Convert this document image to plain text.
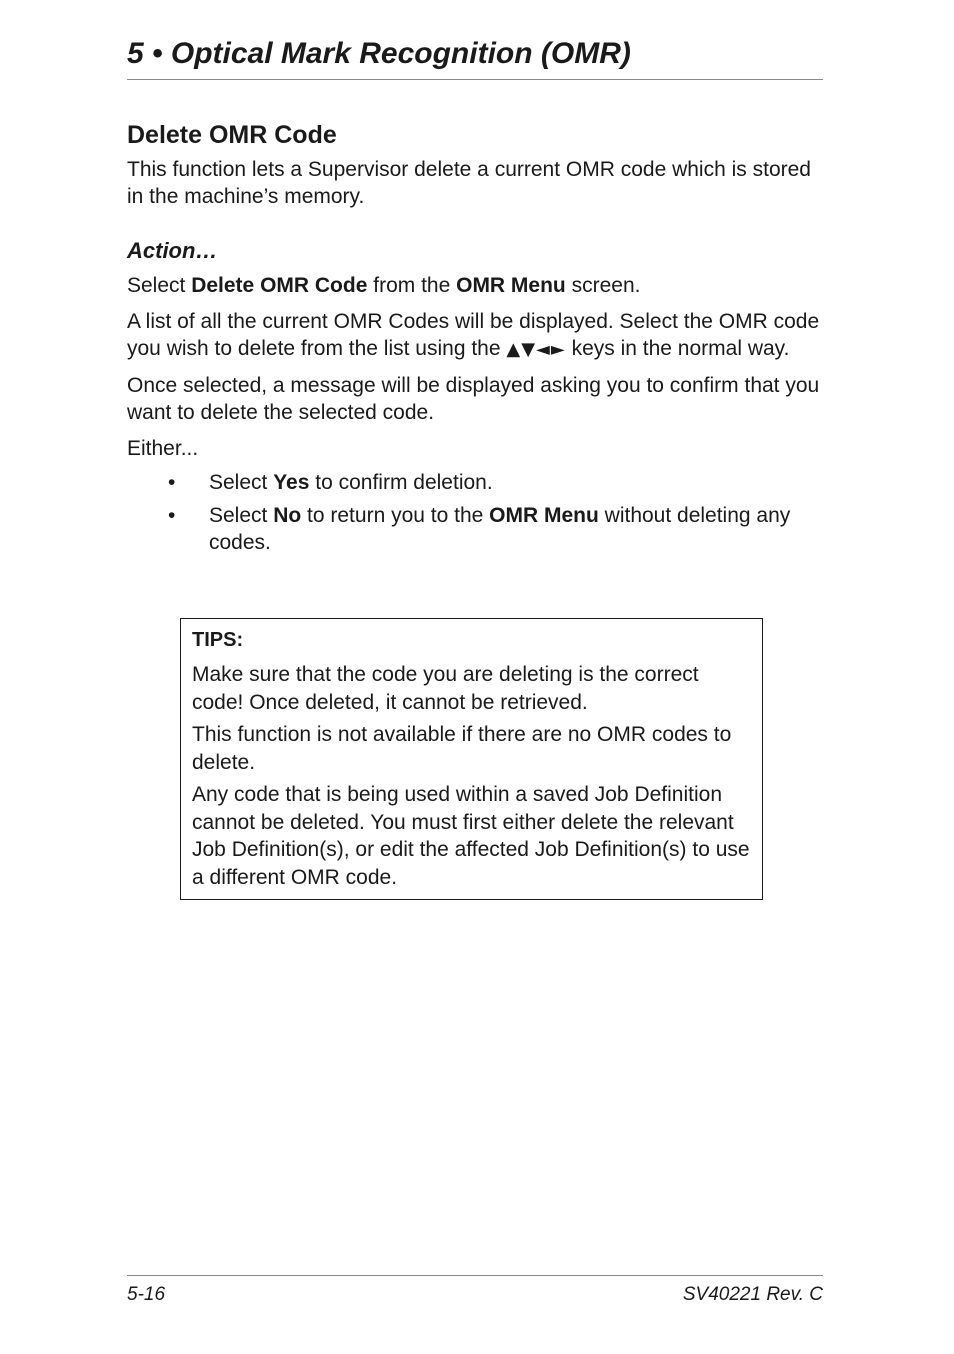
5 • Optical Mark Recognition (OMR)
Delete OMR Code

This function lets a Supervisor delete a current OMR code which is stored in the machine’s memory.

Action…

Select Delete OMR Code from the OMR Menu screen.

A list of all the current OMR Codes will be displayed. Select the OMR code you wish to delete from the list using the ▲▼◄► keys in the normal way.

Once selected, a message will be displayed asking you to confirm that you want to delete the selected code.

Either...

• Select Yes to confirm deletion.
• Select No to return you to the OMR Menu without deleting any codes.
TIPS:

Make sure that the code you are deleting is the correct code! Once deleted, it cannot be retrieved.

This function is not available if there are no OMR codes to delete.

Any code that is being used within a saved Job Definition cannot be deleted. You must first either delete the relevant Job Definition(s), or edit the affected Job Definition(s) to use a different OMR code.

5-16	SV40221 Rev. C
